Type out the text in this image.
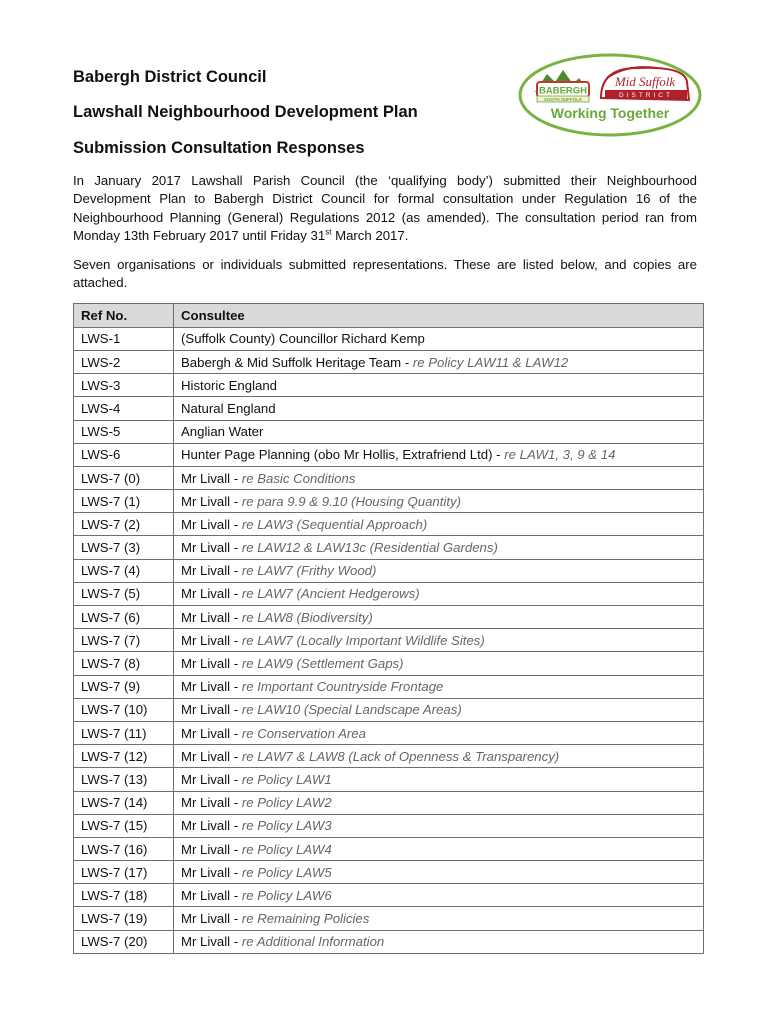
Babergh District Council
Lawshall Neighbourhood Development Plan
Submission Consultation Responses
BABERGH
SOUTH SUFFOLK
Mid Suffolk
DISTRICT
Working Together

In January 2017 Lawshall Parish Council (the ‘qualifying body’) submitted their Neighbourhood Development Plan to Babergh District Council for formal consultation under Regulation 16 of the Neighbourhood Planning (General) Regulations 2012 (as amended). The consultation period ran from Monday 13th February 2017 until Friday 31st March 2017.

Seven organisations or individuals submitted representations. These are listed below, and copies are attached.

Ref No.	Consultee
LWS-1	(Suffolk County) Councillor Richard Kemp
LWS-2	Babergh & Mid Suffolk Heritage Team - re Policy LAW11 & LAW12
LWS-3	Historic England
LWS-4	Natural England
LWS-5	Anglian Water
LWS-6	Hunter Page Planning (obo Mr Hollis, Extrafriend Ltd) - re LAW1, 3, 9 & 14
LWS-7 (0)	Mr Livall - re Basic Conditions
LWS-7 (1)	Mr Livall - re para 9.9 & 9.10 (Housing Quantity)
LWS-7 (2)	Mr Livall - re LAW3 (Sequential Approach)
LWS-7 (3)	Mr Livall - re LAW12 & LAW13c (Residential Gardens)
LWS-7 (4)	Mr Livall - re LAW7 (Frithy Wood)
LWS-7 (5)	Mr Livall - re LAW7 (Ancient Hedgerows)
LWS-7 (6)	Mr Livall - re LAW8 (Biodiversity)
LWS-7 (7)	Mr Livall - re LAW7 (Locally Important Wildlife Sites)
LWS-7 (8)	Mr Livall - re LAW9 (Settlement Gaps)
LWS-7 (9)	Mr Livall - re Important Countryside Frontage
LWS-7 (10)	Mr Livall - re LAW10 (Special Landscape Areas)
LWS-7 (11)	Mr Livall - re Conservation Area
LWS-7 (12)	Mr Livall - re LAW7 & LAW8 (Lack of Openness & Transparency)
LWS-7 (13)	Mr Livall - re Policy LAW1
LWS-7 (14)	Mr Livall - re Policy LAW2
LWS-7 (15)	Mr Livall - re Policy LAW3
LWS-7 (16)	Mr Livall - re Policy LAW4
LWS-7 (17)	Mr Livall - re Policy LAW5
LWS-7 (18)	Mr Livall - re Policy LAW6
LWS-7 (19)	Mr Livall - re Remaining Policies
LWS-7 (20)	Mr Livall - re Additional Information
